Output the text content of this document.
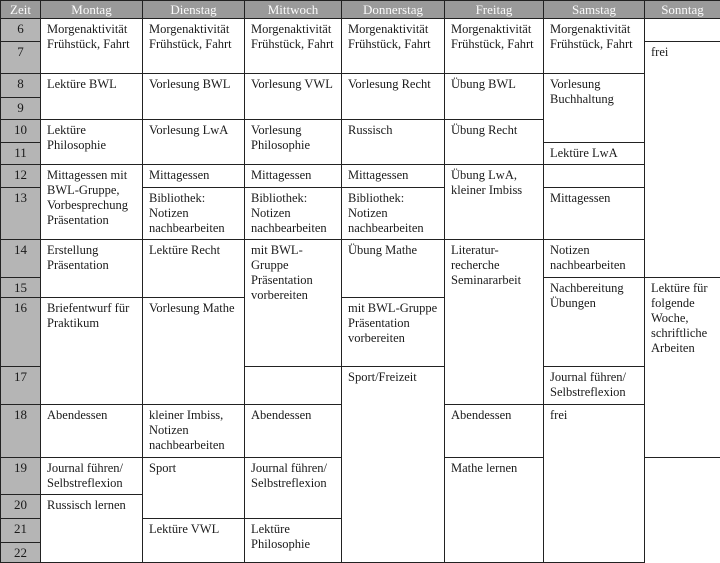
Zeit	Montag	Dienstag	Mittwoch	Donnerstag	Freitag	Samstag	Sonntag	
6	Morgenaktivität Frühstück, Fahrt	Morgenaktivität Frühstück, Fahrt	Morgenaktivität Frühstück, Fahrt	Morgenaktivität Frühstück, Fahrt	Morgenaktivität Frühstück, Fahrt	Morgenaktivität Frühstück, Fahrt		
7							frei	
8	Lektüre BWL	Vorlesung BWL	Vorlesung VWL	Vorlesung Recht	Übung BWL	Vorlesung Buchhaltung		
9								
10	Lektüre Philosophie	Vorlesung LwA	Vorlesung Philosophie	Russisch	Übung Recht			
11						Lektüre LwA		
12	Mittagessen mit BWL-Gruppe, Vorbesprechung Präsentation	Mittagessen	Mittagessen	Mittagessen	Übung LwA, kleiner Imbiss			
13		Bibliothek: Notizen nachbearbeiten	Bibliothek: Notizen nachbearbeiten	Bibliothek: Notizen nachbearbeiten		Mittagessen		
14	Erstellung Präsentation	Lektüre Recht	mit BWL-Gruppe Präsentation vorbereiten	Übung Mathe	Literatur-recherche Seminararbeit	Notizen nachbearbeiten		
15						Nachbereitung Übungen	Lektüre für folgende Woche, schriftliche Arbeiten	
16	Briefentwurf für Praktikum	Vorlesung Mathe		mit BWL-Gruppe Präsentation vorbereiten				
17				Sport/Freizeit		Journal führen/ Selbstreflexion		
18	Abendessen	kleiner Imbiss, Notizen nachbearbeiten	Abendessen		Abendessen	frei		
19	Journal führen/ Selbstreflexion	Sport	Journal führen/ Selbstreflexion		Mathe lernen			
20	Russisch lernen							
21		Lektüre VWL	Lektüre Philosophie					
22								
